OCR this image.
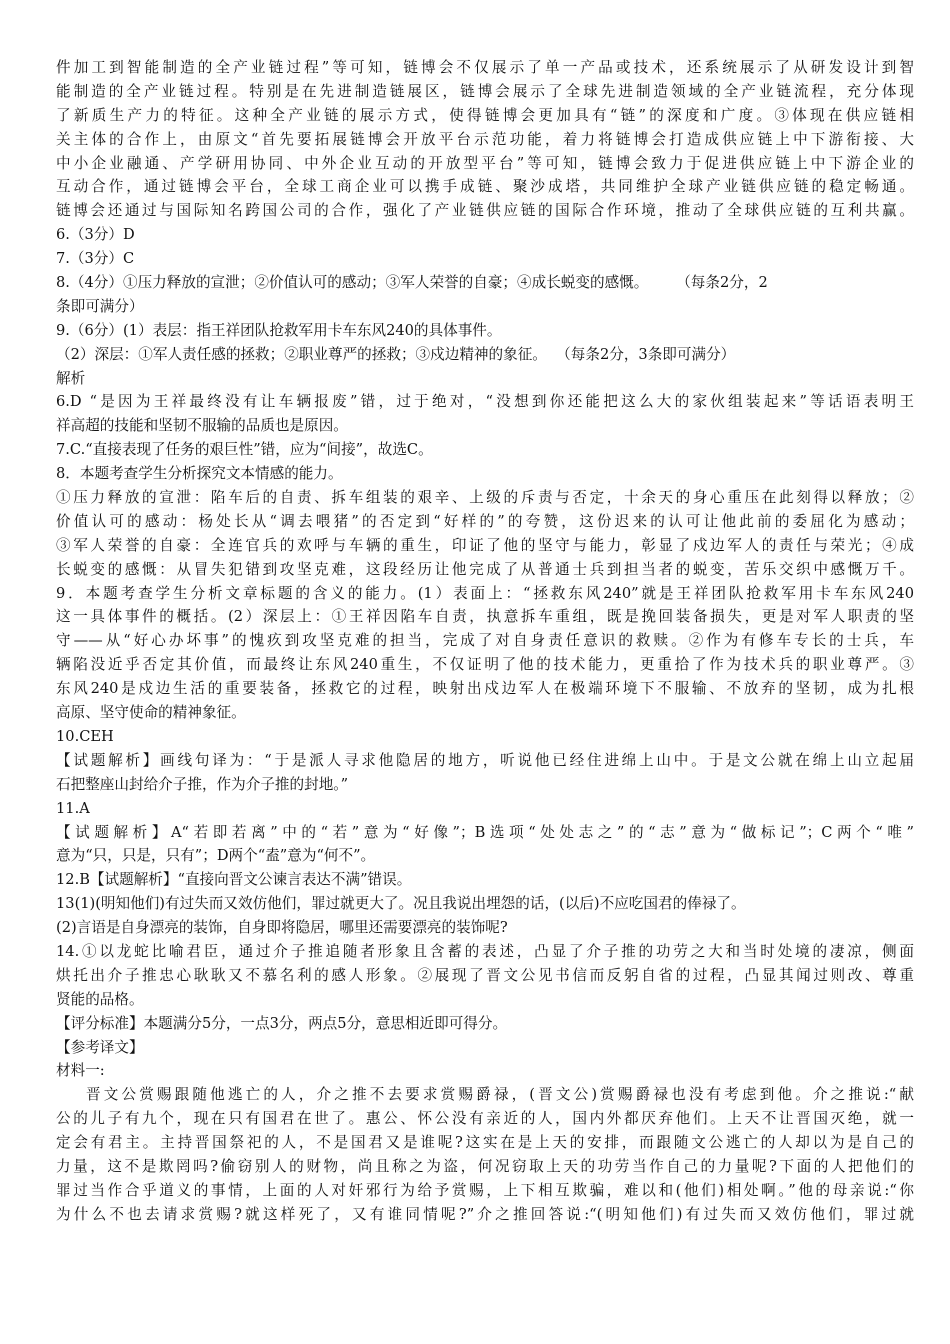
件加工到智能制造的全产业链过程”等可知，链博会不仅展示了单一产品或技术，还系统展示了从研发设计到智
能制造的全产业链过程。特别是在先进制造链展区，链博会展示了全球先进制造领域的全产业链流程，充分体现
了新质生产力的特征。这种全产业链的展示方式，使得链博会更加具有“链”的深度和广度。③体现在供应链相
关主体的合作上，由原文“首先要拓展链博会开放平台示范功能，着力将链博会打造成供应链上中下游衔接、大
中小企业融通、产学研用协同、中外企业互动的开放型平台”等可知，链博会致力于促进供应链上中下游企业的
互动合作，通过链博会平台，全球工商企业可以携手成链、聚沙成塔，共同维护全球产业链供应链的稳定畅通。
链博会还通过与国际知名跨国公司的合作，强化了产业链供应链的国际合作环境，推动了全球供应链的互利共赢。
6.（3分）D
7.（3分）C
8.（4分）①压力释放的宣泄；②价值认可的感动；③军人荣誉的自豪；④成长蜕变的感慨。      （每条2分，2
条即可满分）
9.（6分）(1）表层：指王祥团队抢救军用卡车东风240的具体事件。
（2）深层：①军人责任感的拯救；②职业尊严的拯救；③戍边精神的象征。  （每条2分，3条即可满分）
解析
6.D “是因为王祥最终没有让车辆报废”错，过于绝对，“没想到你还能把这么大的家伙组装起来”等话语表明王
祥高超的技能和坚韧不服输的品质也是原因。
7.C.“直接表现了任务的艰巨性”错，应为“间接”，故选C。
8．本题考查学生分析探究文本情感的能力。
①压力释放的宣泄：陷车后的自责、拆车组装的艰辛、上级的斥责与否定，十余天的身心重压在此刻得以释放；②
价值认可的感动：杨处长从“调去喂猪”的否定到“好样的”的夸赞，这份迟来的认可让他此前的委屈化为感动；
③军人荣誉的自豪：全连官兵的欢呼与车辆的重生，印证了他的坚守与能力，彰显了戍边军人的责任与荣光；④成
长蜕变的感慨：从冒失犯错到攻坚克难，这段经历让他完成了从普通士兵到担当者的蜕变，苦乐交织中感慨万千。
9．本题考查学生分析文章标题的含义的能力。(1）表面上：“拯救东风240”就是王祥团队抢救军用卡车东风240
这一具体事件的概括。(2）深层上：①王祥因陷车自责，执意拆车重组，既是挽回装备损失，更是对军人职责的坚
守——从“好心办坏事”的愧疚到攻坚克难的担当，完成了对自身责任意识的救赎。②作为有修车专长的士兵，车
辆陷没近乎否定其价值，而最终让东风240重生，不仅证明了他的技术能力，更重拾了作为技术兵的职业尊严。③
东风240是戍边生活的重要装备，拯救它的过程，映射出戍边军人在极端环境下不服输、不放弃的坚韧，成为扎根
高原、坚守使命的精神象征。
10.CEH
【试题解析】画线句译为：“于是派人寻求他隐居的地方，听说他已经住进绵上山中。于是文公就在绵上山立起届
石把整座山封给介子推，作为介子推的封地。”
11.A
【试题解析】A“若即若离”中的“若”意为“好像”；B选项“处处志之”的“志”意为“做标记”；C两个“唯”
意为“只，只是，只有”；D两个“盍”意为“何不”。
12.B【试题解析】“直接向晋文公谏言表达不满”错误。
13(1)(明知他们)有过失而又效仿他们，罪过就更大了。况且我说出埋怨的话，(以后)不应吃国君的俸禄了。
(2)言语是自身漂亮的装饰，自身即将隐居，哪里还需要漂亮的装饰呢?
14.①以龙蛇比喻君臣，通过介子推追随者形象且含蓄的表述，凸显了介子推的功劳之大和当时处境的凄凉，侧面
烘托出介子推忠心耿耿又不慕名利的感人形象。②展现了晋文公见书信而反躬自省的过程，凸显其闻过则改、尊重
贤能的品格。
【评分标准】本题满分5分，一点3分，两点5分，意思相近即可得分。
【参考译文】
材料一:
晋文公赏赐跟随他逃亡的人，介之推不去要求赏赐爵禄，(晋文公)赏赐爵禄也没有考虑到他。介之推说:“献
公的儿子有九个，现在只有国君在世了。惠公、怀公没有亲近的人，国内外都厌弃他们。上天不让晋国灭绝，就一
定会有君主。主持晋国祭祀的人，不是国君又是谁呢?这实在是上天的安排，而跟随文公逃亡的人却以为是自己的
力量，这不是欺罔吗?偷窃别人的财物，尚且称之为盗，何况窃取上天的功劳当作自己的力量呢?下面的人把他们的
罪过当作合乎道义的事情，上面的人对奸邪行为给予赏赐，上下相互欺骗，难以和(他们)相处啊。”他的母亲说:“你
为什么不也去请求赏赐?就这样死了，又有谁同情呢?”介之推回答说:“(明知他们)有过失而又效仿他们，罪过就
